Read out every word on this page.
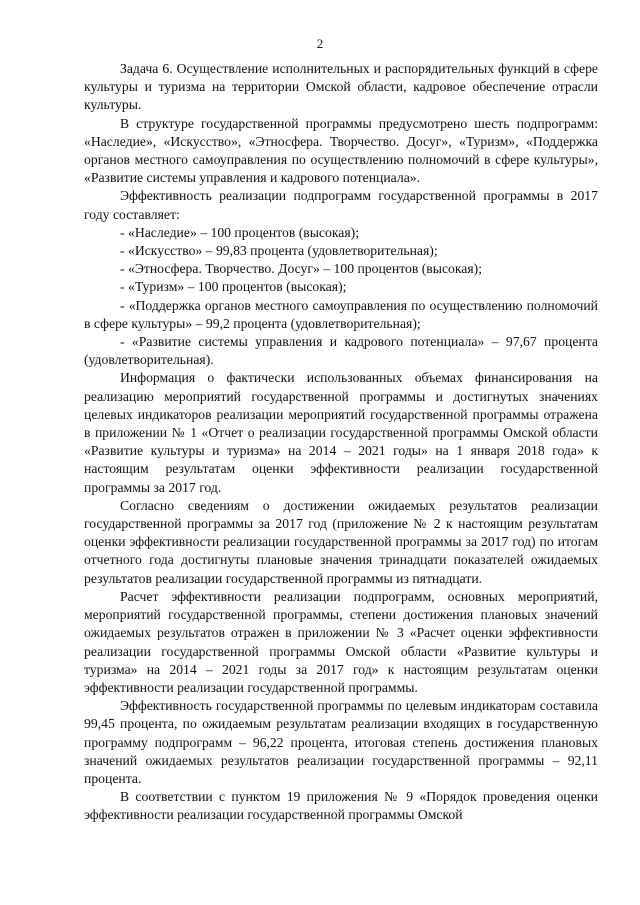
2

Задача 6. Осуществление исполнительных и распорядительных функций в сфере культуры и туризма на территории Омской области, кадровое обеспечение отрасли культуры.

В структуре государственной программы предусмотрено шесть подпрограмм: «Наследие», «Искусство», «Этносфера. Творчество. Досуг», «Туризм», «Поддержка органов местного самоуправления по осуществлению полномочий в сфере культуры», «Развитие системы управления и кадрового потенциала».

Эффективность реализации подпрограмм государственной программы в 2017 году составляет:

- «Наследие» – 100 процентов (высокая);

- «Искусство» – 99,83 процента (удовлетворительная);

- «Этносфера. Творчество. Досуг» – 100 процентов (высокая);

- «Туризм» – 100 процентов (высокая);

- «Поддержка органов местного самоуправления по осуществлению полномочий в сфере культуры» – 99,2 процента (удовлетворительная);

- «Развитие системы управления и кадрового потенциала» – 97,67 процента (удовлетворительная).

Информация о фактически использованных объемах финансирования на реализацию мероприятий государственной программы и достигнутых значениях целевых индикаторов реализации мероприятий государственной программы отражена в приложении № 1 «Отчет о реализации государственной программы Омской области «Развитие культуры и туризма» на 2014 – 2021 годы» на 1 января 2018 года» к настоящим результатам оценки эффективности реализации государственной программы за 2017 год.

Согласно сведениям о достижении ожидаемых результатов реализации государственной программы за 2017 год (приложение № 2 к настоящим результатам оценки эффективности реализации государственной программы за 2017 год) по итогам отчетного года достигнуты плановые значения тринадцати показателей ожидаемых результатов реализации государственной программы из пятнадцати.

Расчет эффективности реализации подпрограмм, основных мероприятий, мероприятий государственной программы, степени достижения плановых значений ожидаемых результатов отражен в приложении № 3 «Расчет оценки эффективности реализации государственной программы Омской области «Развитие культуры и туризма» на 2014 – 2021 годы за 2017 год» к настоящим результатам оценки эффективности реализации государственной программы.

Эффективность государственной программы по целевым индикаторам составила 99,45 процента, по ожидаемым результатам реализации входящих в государственную программу подпрограмм – 96,22 процента, итоговая степень достижения плановых значений ожидаемых результатов реализации государственной программы – 92,11 процента.

В соответствии с пунктом 19 приложения № 9 «Порядок проведения оценки эффективности реализации государственной программы Омской
